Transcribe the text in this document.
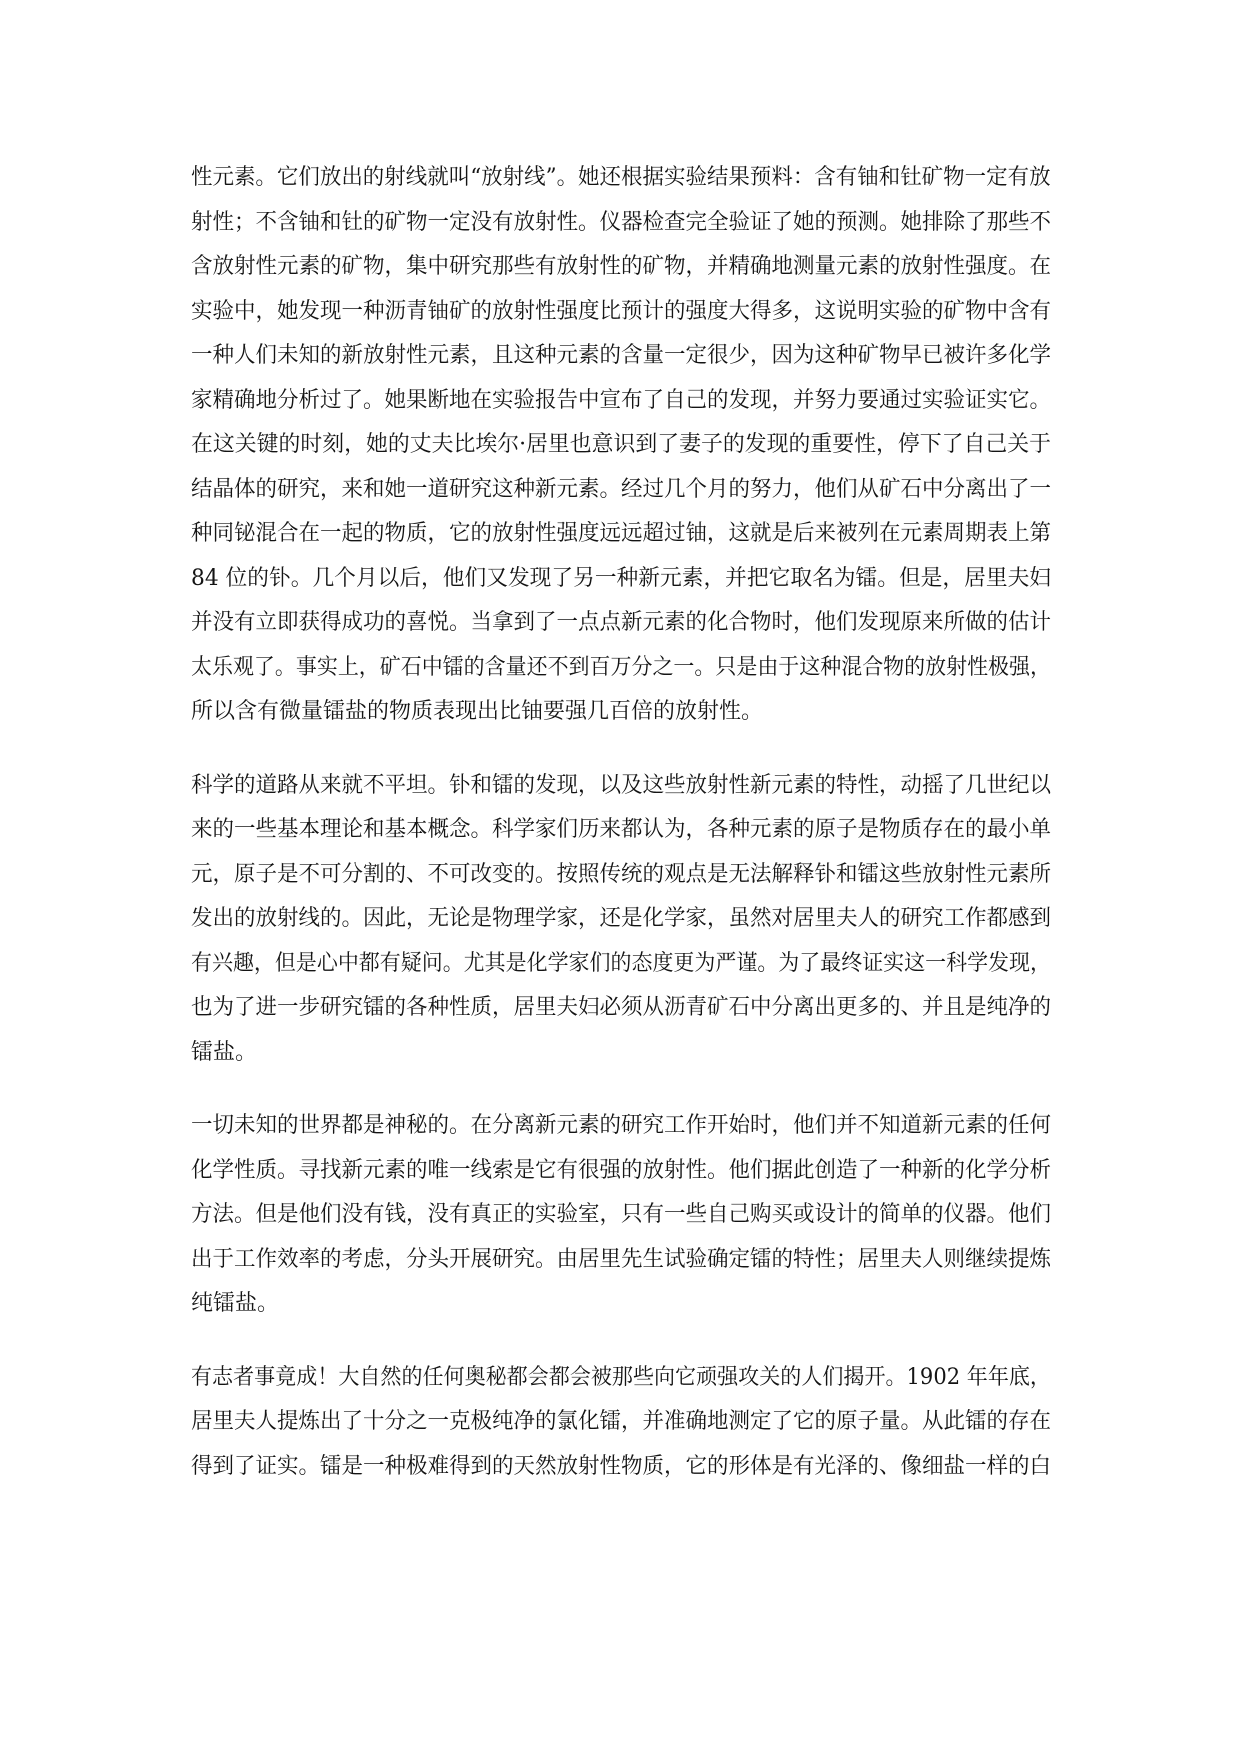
性元素。它们放出的射线就叫“放射线”。她还根据实验结果预料：含有铀和钍矿物一定有放
射性；不含铀和钍的矿物一定没有放射性。仪器检查完全验证了她的预测。她排除了那些不
含放射性元素的矿物，集中研究那些有放射性的矿物，并精确地测量元素的放射性强度。在
实验中，她发现一种沥青铀矿的放射性强度比预计的强度大得多，这说明实验的矿物中含有
一种人们未知的新放射性元素，且这种元素的含量一定很少，因为这种矿物早已被许多化学
家精确地分析过了。她果断地在实验报告中宣布了自己的发现，并努力要通过实验证实它。
在这关键的时刻，她的丈夫比埃尔·居里也意识到了妻子的发现的重要性，停下了自己关于
结晶体的研究，来和她一道研究这种新元素。经过几个月的努力，他们从矿石中分离出了一
种同铋混合在一起的物质，它的放射性强度远远超过铀，这就是后来被列在元素周期表上第
84 位的钋。几个月以后，他们又发现了另一种新元素，并把它取名为镭。但是，居里夫妇
并没有立即获得成功的喜悦。当拿到了一点点新元素的化合物时，他们发现原来所做的估计
太乐观了。事实上，矿石中镭的含量还不到百万分之一。只是由于这种混合物的放射性极强，
所以含有微量镭盐的物质表现出比铀要强几百倍的放射性。

科学的道路从来就不平坦。钋和镭的发现，以及这些放射性新元素的特性，动摇了几世纪以
来的一些基本理论和基本概念。科学家们历来都认为，各种元素的原子是物质存在的最小单
元，原子是不可分割的、不可改变的。按照传统的观点是无法解释钋和镭这些放射性元素所
发出的放射线的。因此，无论是物理学家，还是化学家，虽然对居里夫人的研究工作都感到
有兴趣，但是心中都有疑问。尤其是化学家们的态度更为严谨。为了最终证实这一科学发现，
也为了进一步研究镭的各种性质，居里夫妇必须从沥青矿石中分离出更多的、并且是纯净的
镭盐。

一切未知的世界都是神秘的。在分离新元素的研究工作开始时，他们并不知道新元素的任何
化学性质。寻找新元素的唯一线索是它有很强的放射性。他们据此创造了一种新的化学分析
方法。但是他们没有钱，没有真正的实验室，只有一些自己购买或设计的简单的仪器。他们
出于工作效率的考虑，分头开展研究。由居里先生试验确定镭的特性；居里夫人则继续提炼
纯镭盐。

有志者事竟成！大自然的任何奥秘都会都会被那些向它顽强攻关的人们揭开。1902 年年底，
居里夫人提炼出了十分之一克极纯净的氯化镭，并准确地测定了它的原子量。从此镭的存在
得到了证实。镭是一种极难得到的天然放射性物质，它的形体是有光泽的、像细盐一样的白
